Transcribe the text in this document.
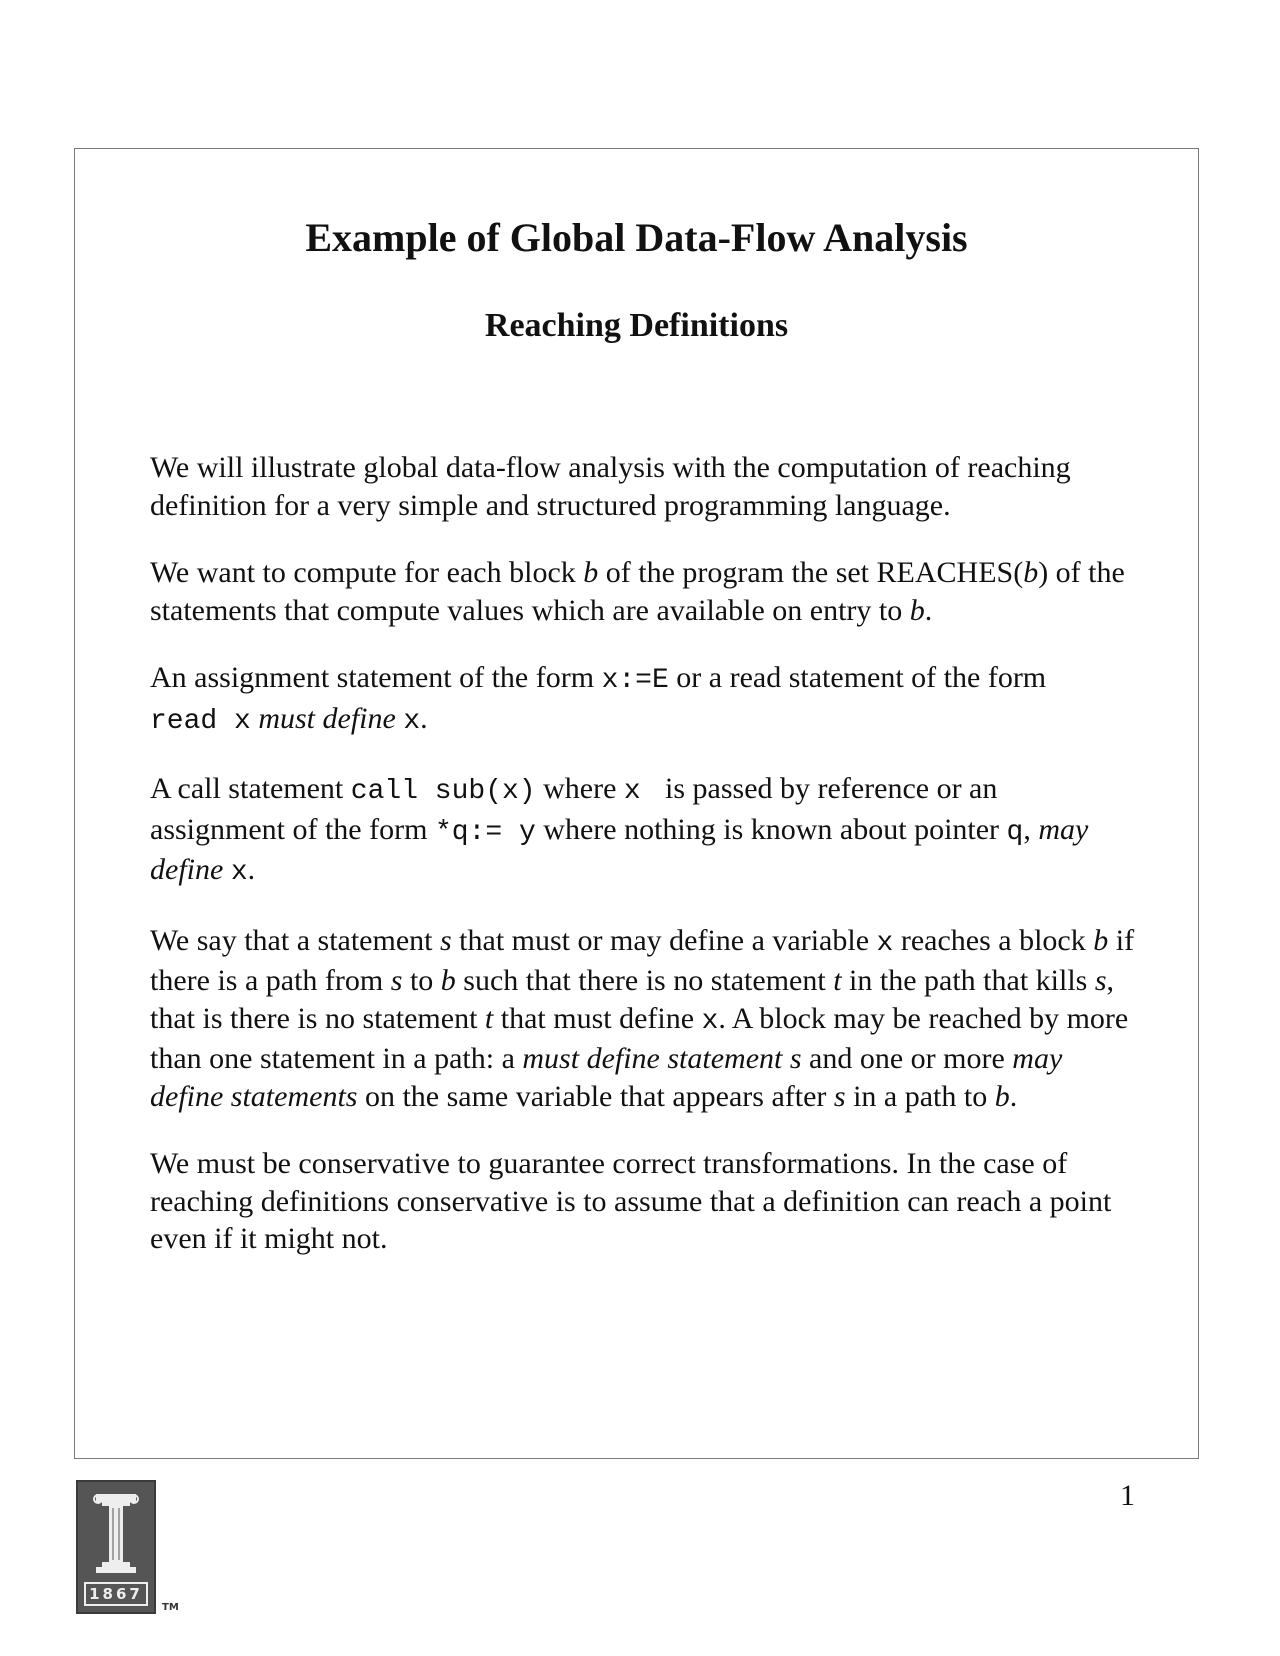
Example of Global Data-Flow Analysis
Reaching Definitions

We will illustrate global data-flow analysis with the computation of reaching definition for a very simple and structured programming language.

We want to compute for each block b of the program the set REACHES(b) of the statements that compute values which are available on entry to b.

An assignment statement of the form x:=E or a read statement of the form read x must define x.

A call statement call sub(x) where x  is passed by reference or an assignment of the form *q:= y where nothing is known about pointer q, may define x.

We say that a statement s that must or may define a variable x reaches a block b if there is a path from s to b such that there is no statement t in the path that kills s, that is there is no statement t that must define x. A block may be reached by more than one statement in a path: a must define statement s and one or more may define statements on the same variable that appears after s in a path to b.

We must be conservative to guarantee correct transformations. In the case of reaching definitions conservative is to assume that a definition can reach a point even if it might not.

1
1867
TM
